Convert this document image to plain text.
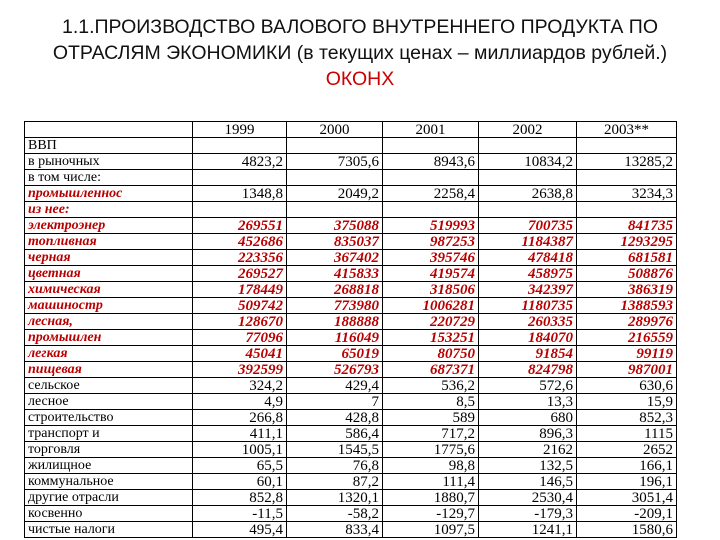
1.1.ПРОИЗВОДСТВО ВАЛОВОГО ВНУТРЕННЕГО ПРОДУКТА ПО ОТРАСЛЯМ ЭКОНОМИКИ (в текущих ценах – миллиардов рублей.) ОКОНХ
	1999	2000	2001	2002	2003**
ВВП					
в рыночных	4823,2	7305,6	8943,6	10834,2	13285,2
в том числе:					
промышленнос	1348,8	2049,2	2258,4	2638,8	3234,3
из нее:					
электроэнер	269551	375088	519993	700735	841735
топливная	452686	835037	987253	1184387	1293295
черная	223356	367402	395746	478418	681581
цветная	269527	415833	419574	458975	508876
химическая	178449	268818	318506	342397	386319
машиностр	509742	773980	1006281	1180735	1388593
лесная,	128670	188888	220729	260335	289976
промышлен	77096	116049	153251	184070	216559
легкая	45041	65019	80750	91854	99119
пищевая	392599	526793	687371	824798	987001
сельское	324,2	429,4	536,2	572,6	630,6
лесное	4,9	7	8,5	13,3	15,9
строительство	266,8	428,8	589	680	852,3
транспорт и	411,1	586,4	717,2	896,3	1115
торговля	1005,1	1545,5	1775,6	2162	2652
жилищное	65,5	76,8	98,8	132,5	166,1
коммунальное	60,1	87,2	111,4	146,5	196,1
другие отрасли	852,8	1320,1	1880,7	2530,4	3051,4
косвенно	-11,5	-58,2	-129,7	-179,3	-209,1
чистые налоги	495,4	833,4	1097,5	1241,1	1580,6
